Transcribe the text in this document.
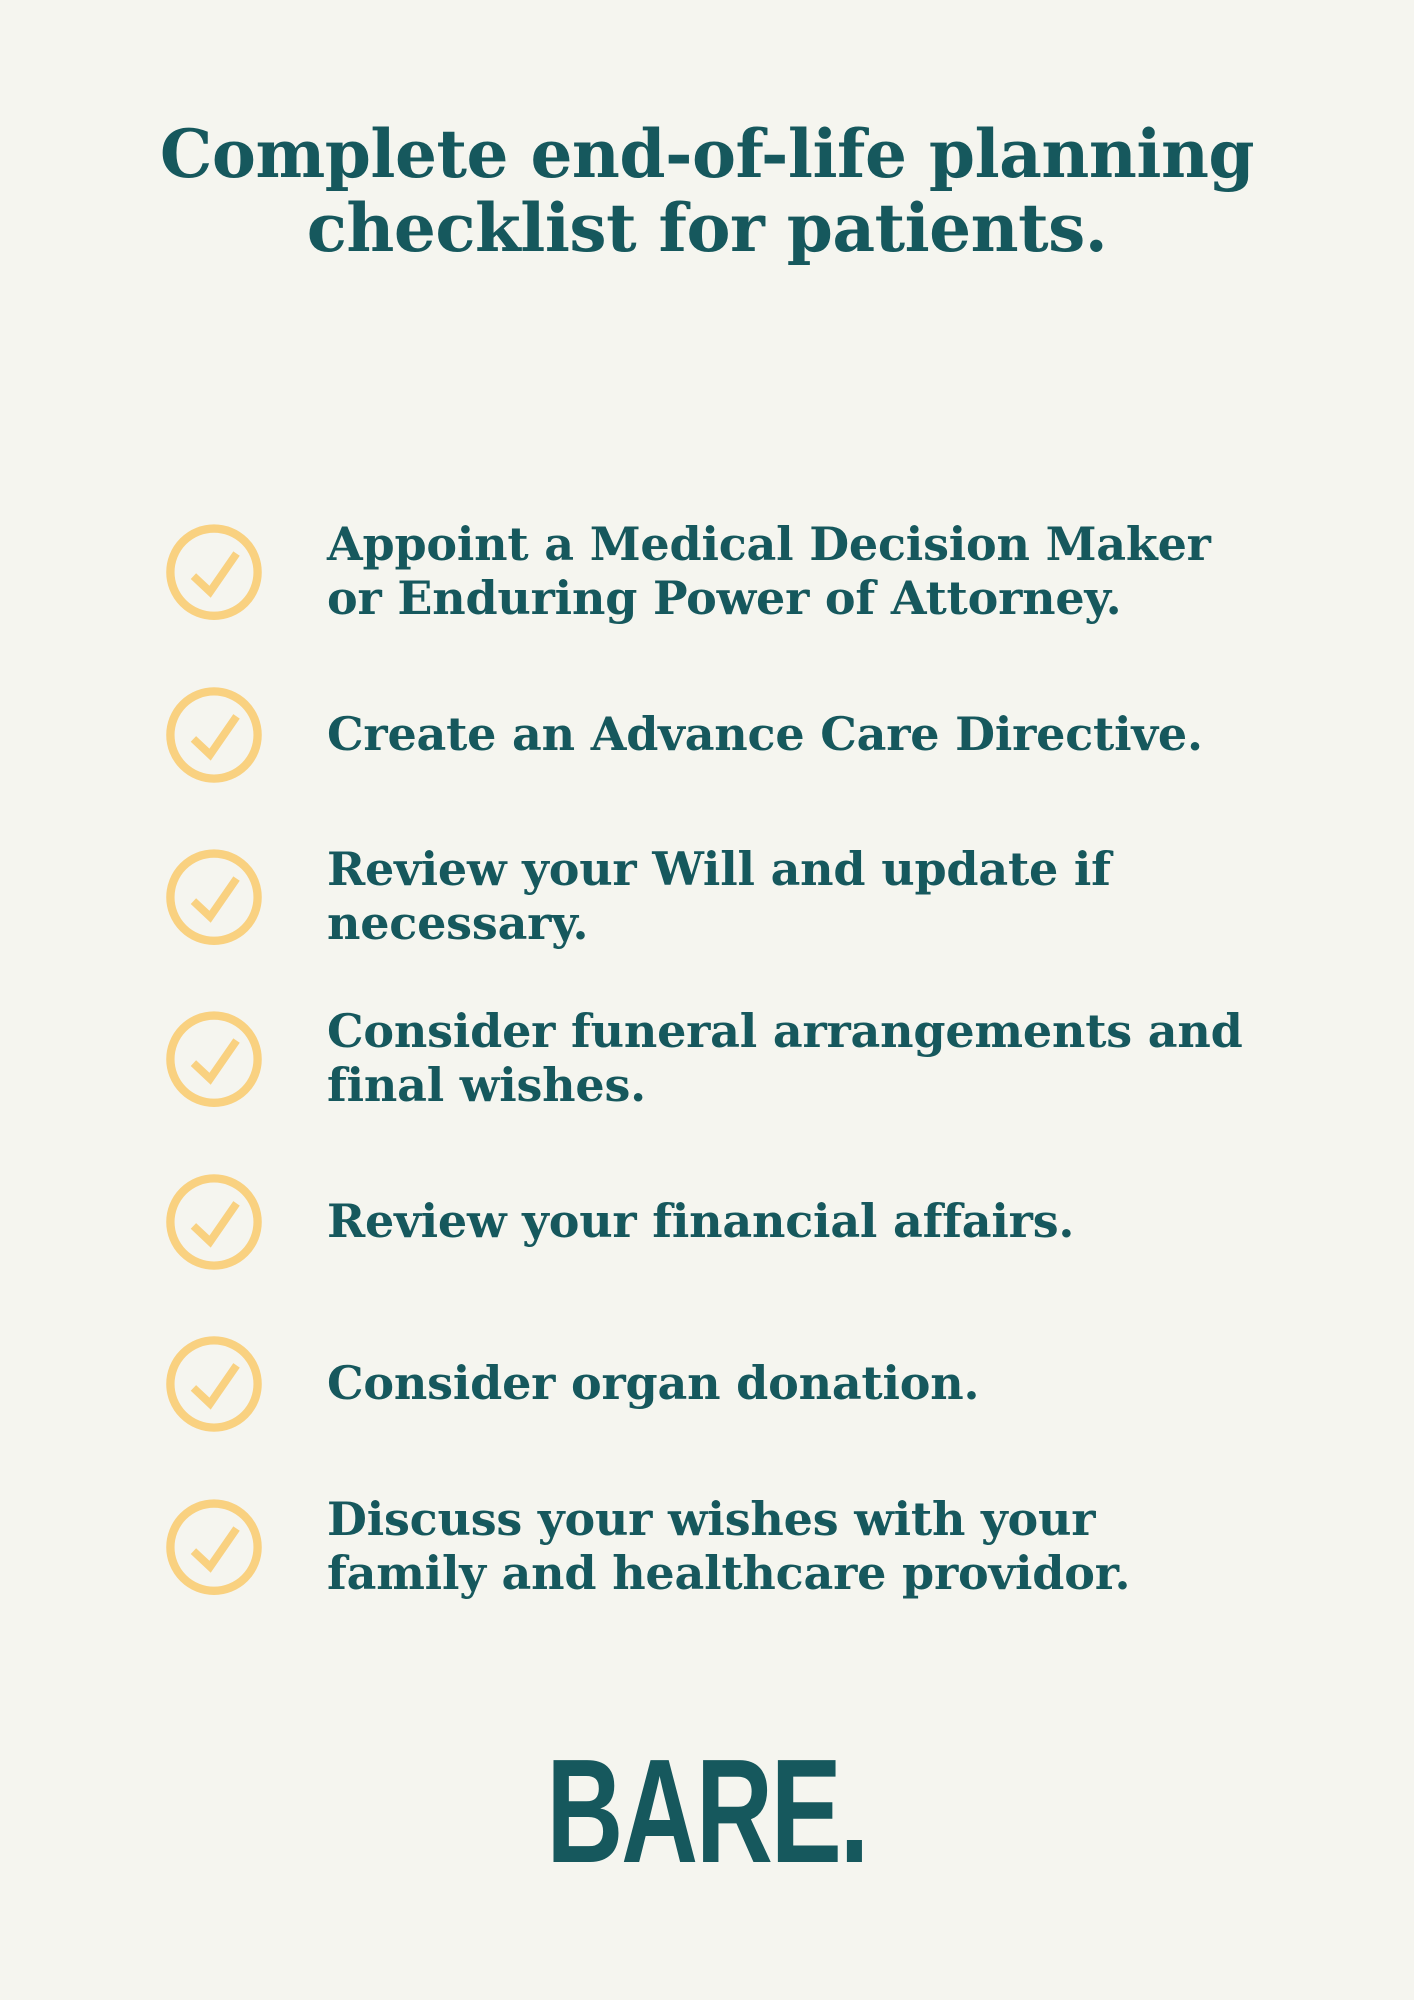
Complete end-of-life planning
checklist for patients.
Appoint a Medical Decision Maker or Enduring Power of Attorney.
Create an Advance Care Directive.
Review your Will and update if necessary.
Consider funeral arrangements and final wishes.
Review your financial affairs.
Consider organ donation.
Discuss your wishes with your family and healthcare providor.
BARE.
